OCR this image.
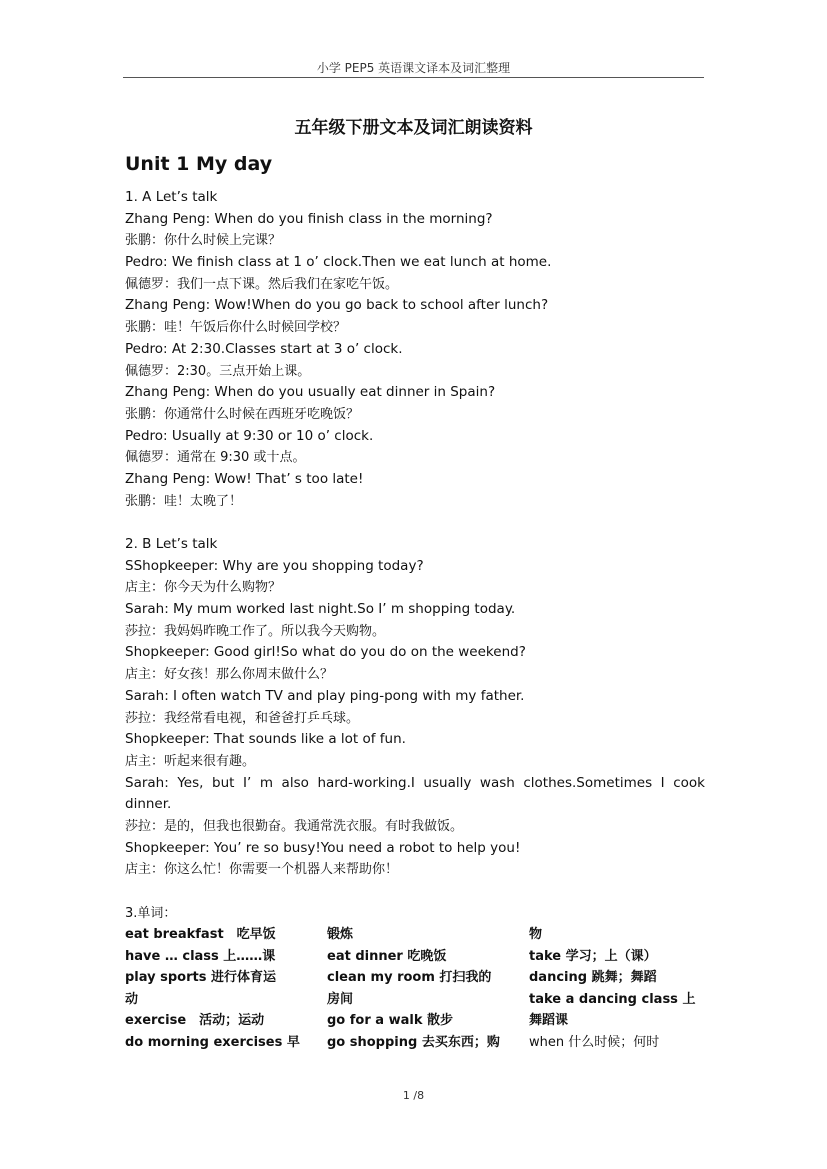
小学 PEP5 英语课文译本及词汇整理
五年级下册文本及词汇朗读资料
Unit 1 My day
1. A Let’s talk
Zhang Peng: When do you finish class in the morning?
张鹏：你什么时候上完课？
Pedro: We finish class at 1 o’ clock.Then we eat lunch at home.
佩德罗：我们一点下课。然后我们在家吃午饭。
Zhang Peng: Wow!When do you go back to school after lunch?
张鹏：哇！午饭后你什么时候回学校？
Pedro: At 2:30.Classes start at 3 o’ clock.
佩德罗：2:30。三点开始上课。
Zhang Peng: When do you usually eat dinner in Spain?
张鹏：你通常什么时候在西班牙吃晚饭？
Pedro: Usually at 9:30 or 10 o’ clock.
佩德罗：通常在 9:30 或十点。
Zhang Peng: Wow! That’ s too late!
张鹏：哇！太晚了！
2. B Let’s talk
SShopkeeper: Why are you shopping today?
店主：你今天为什么购物？
Sarah: My mum worked last night.So I’ m shopping today.
莎拉：我妈妈昨晚工作了。所以我今天购物。
Shopkeeper: Good girl!So what do you do on the weekend?
店主：好女孩！那么你周末做什么？
Sarah: I often watch TV and play ping-pong with my father.
莎拉：我经常看电视，和爸爸打乒乓球。
Shopkeeper: That sounds like a lot of fun.
店主：听起来很有趣。
Sarah: Yes, but I’ m also hard-working.I usually wash clothes.Sometimes I cook
dinner.
莎拉：是的，但我也很勤奋。我通常洗衣服。有时我做饭。
Shopkeeper: You’ re so busy!You need a robot to help you!
店主：你这么忙！你需要一个机器人来帮助你！
3.单词：
eat breakfast　吃早饭
have … class 上……课
play sports 进行体育运
动
exercise　活动；运动
do morning exercises 早
锻炼
eat dinner 吃晚饭
clean my room 打扫我的
房间
go for a walk 散步
go shopping 去买东西；购
物
take 学习；上（课）
dancing 跳舞；舞蹈
take a dancing class 上
舞蹈课
when 什么时候；何时
1 /8
